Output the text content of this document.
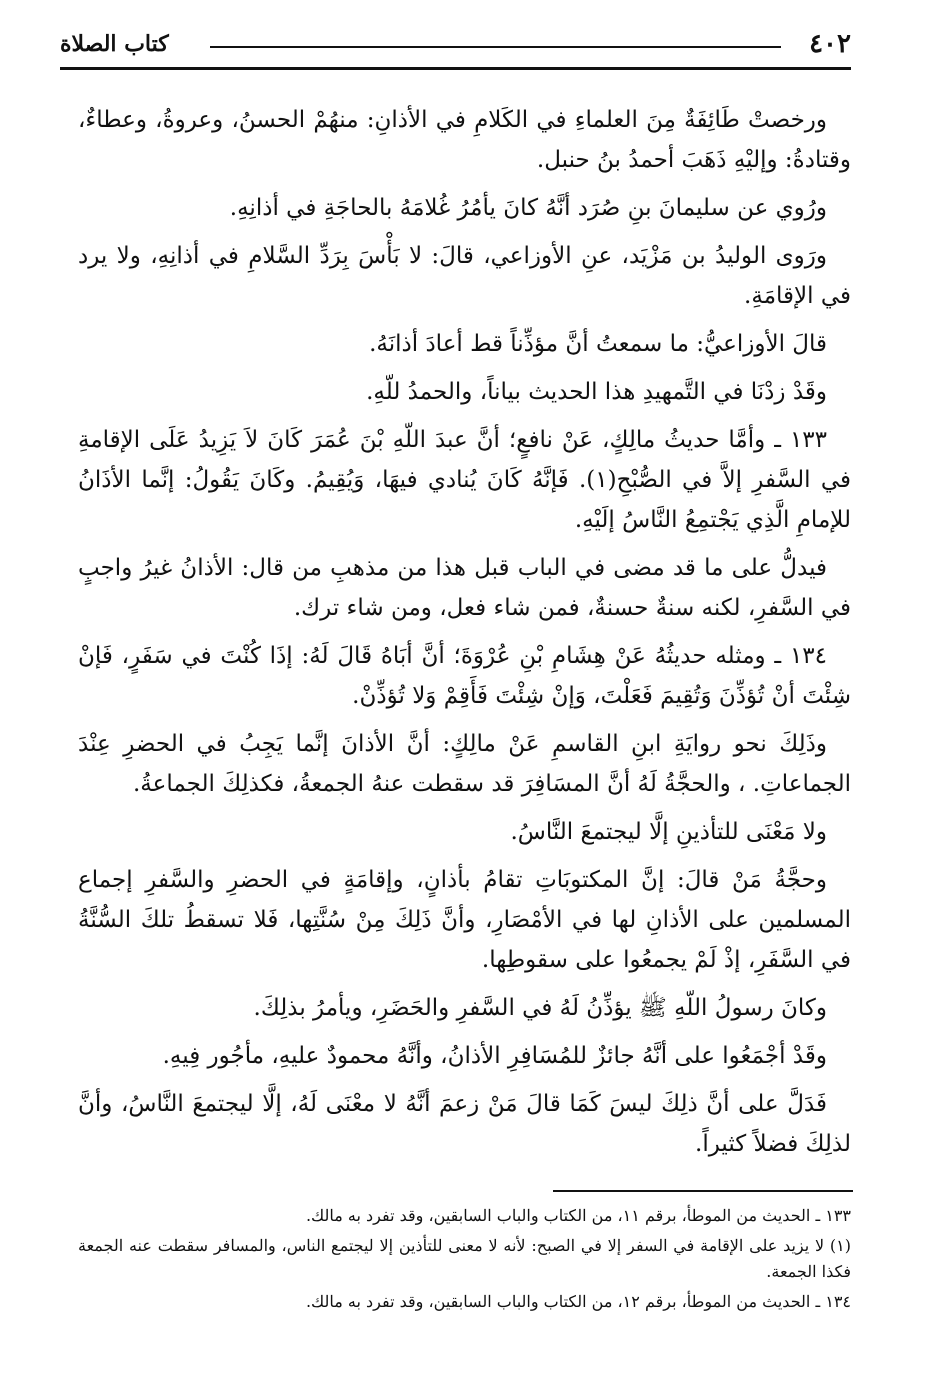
٤٠٢
كتاب الصلاة

ورخصتْ طَائِفَةٌ مِنَ العلماءِ في الكَلامِ في الأذانِ: منهُمْ الحسنُ، وعروةُ، وعطاءٌ، وقتادةُ: وإليْهِ ذَهَبَ أحمدُ بنُ حنبل.

ورُوي عن سليمانَ بنِ صُرَد أنَّهُ كانَ يأمُرُ غُلامَهُ بالحاجَةِ في أذانِهِ.

ورَوى الوليدُ بن مَزْيَد، عنِ الأوزاعي، قالَ: لا بَأْسَ بِرَدِّ السَّلامِ في أذانِهِ، ولا يرد في الإقامَةِ.

قالَ الأوزاعيُّ: ما سمعتُ أنَّ مؤذِّناً قط أعادَ أذانَهُ.

وقَدْ زدْنَا في التَّمهيدِ هذا الحديث بياناً، والحمدُ للّهِ.

١٣٣ ـ وأمَّا حديثُ مالِكٍ، عَنْ نافعٍ؛ أنَّ عبدَ اللّهِ بْنَ عُمَرَ كَانَ لاَ يَزِيدُ عَلَى الإقامةِ في السَّفرِ إلاَّ في الصُّبْحِ(١). فَإنَّهُ كَانَ يُنادي فيهَا، وَيُقِيمُ. وكَانَ يَقُولُ: إنَّما الأذَانُ للإمامِ الَّذِي يَجْتمِعُ النَّاسُ إلَيْهِ.

فيدلُّ على ما قد مضى في الباب قبل هذا من مذهبِ من قال: الأذانُ غيرُ واجبٍ في السَّفرِ، لكنه سنةٌ حسنةٌ، فمن شاء فعل، ومن شاء ترك.

١٣٤ ـ ومثله حديثُهُ عَنْ هِشَامِ بْنِ عُرْوَةَ؛ أنَّ أبَاهُ قَالَ لَهُ: إذَا كُنْتَ في سَفَرٍ، فَإنْ شِئْتَ أنْ تُؤذِّنَ وَتُقِيمَ فَعَلْتَ، وَإنْ شِئْتَ فَأَقِمْ وَلا تُؤذِّنْ.

وذَلِكَ نحو روايَةِ ابنِ القاسمِ عَنْ مالِكٍ: أنَّ الأذانَ إنَّما يَجِبُ في الحضرِ عِنْدَ الجماعاتِ. ، والحجَّةُ لَهُ أنَّ المسَافِرَ قد سقطت عنهُ الجمعةُ، فكذلِكَ الجماعةُ.

ولا مَعْنَى للتأذينِ إلَّا ليجتمعَ النَّاسُ.

وحجَّةُ مَنْ قالَ: إنَّ المكتوبَاتِ تقامُ بأذانٍ، وإقامَةٍ في الحضرِ والسَّفرِ إجماع المسلمين على الأذانِ لها في الأمْصَارِ، وأنَّ ذَلِكَ مِنْ سُنَّتِها، فَلا تسقطُ تلكَ السُّنَّةُ في السَّفَرِ، إذْ لَمْ يجمعُوا على سقوطِها.

وكانَ رسولُ اللّهِ ﷺ يؤذِّنُ لَهُ في السَّفرِ والحَضَرِ، ويأمرُ بذلِكَ.

وقَدْ أجْمَعُوا على أنَّهُ جائزٌ للمُسَافِرِ الأذانُ، وأنَّهُ محمودٌ عليهِ، مأجُور فِيهِ.

فَدَلَّ على أنَّ ذلِكَ ليسَ كَمَا قالَ مَنْ زعمَ أنَّهُ لا معْنَى لَهُ، إلَّا ليجتمعَ النَّاسُ، وأنَّ لذلِكَ فضلاً كثيراً.

١٣٣ ـ الحديث من الموطأ، برقم ١١، من الكتاب والباب السابقين، وقد تفرد به مالك.

(١) لا يزيد على الإقامة في السفر إلا في الصبح: لأنه لا معنى للتأذين إلا ليجتمع الناس، والمسافر سقطت عنه الجمعة فكذا الجمعة.

١٣٤ ـ الحديث من الموطأ، برقم ١٢، من الكتاب والباب السابقين، وقد تفرد به مالك.
